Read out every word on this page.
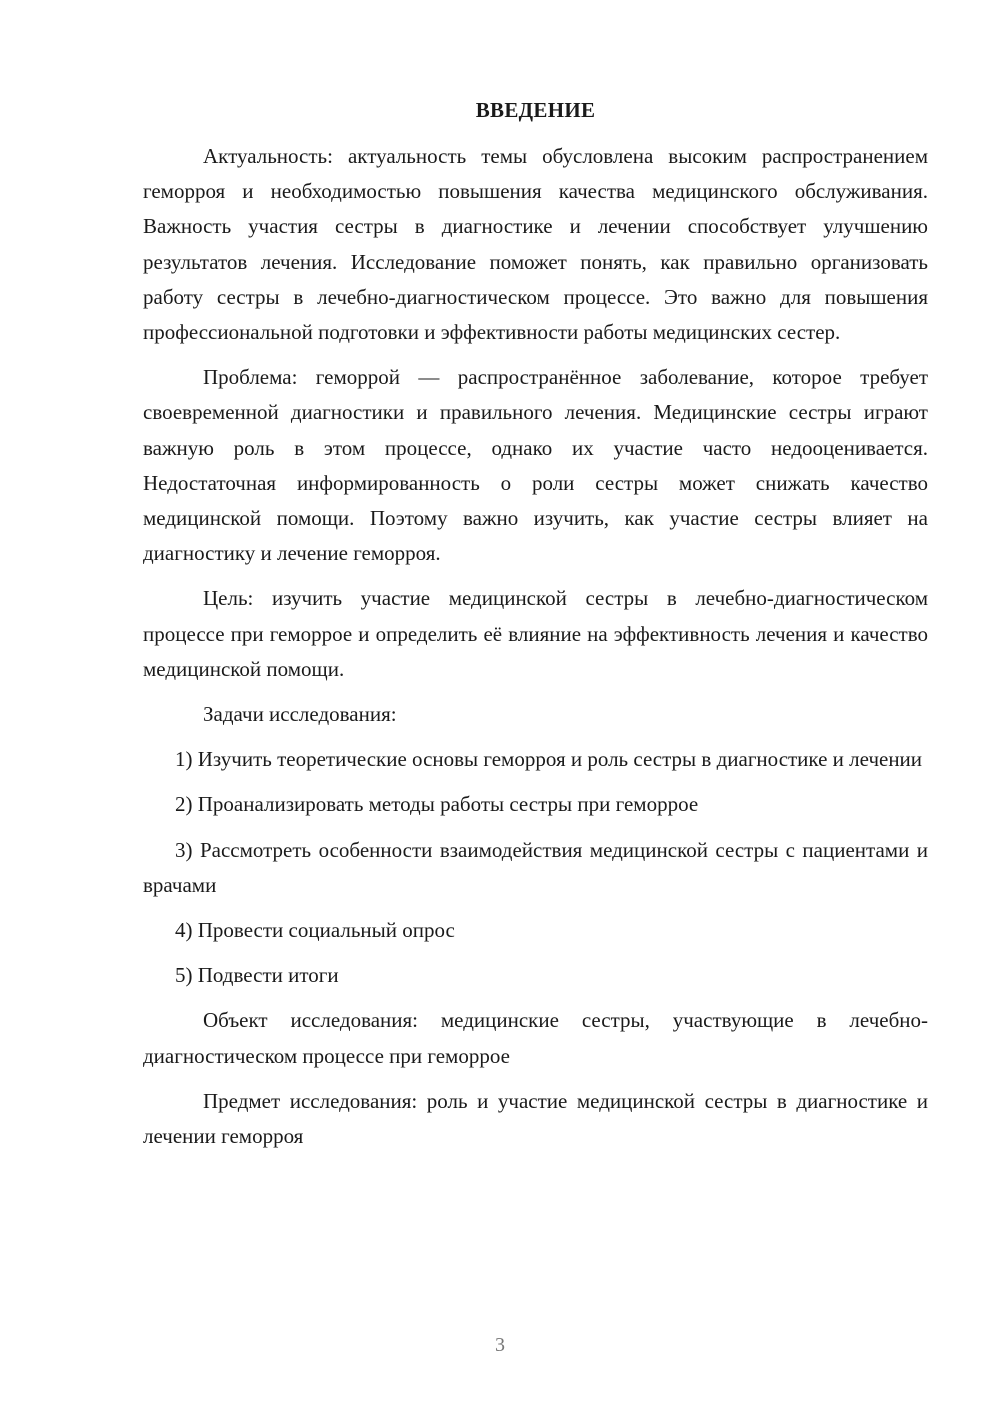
ВВЕДЕНИЕ

Актуальность: актуальность темы обусловлена высоким распространением геморроя и необходимостью повышения качества медицинского обслуживания. Важность участия сестры в диагностике и лечении способствует улучшению результатов лечения. Исследование поможет понять, как правильно организовать работу сестры в лечебно-диагностическом процессе. Это важно для повышения профессиональной подготовки и эффективности работы медицинских сестер.

Проблема: геморрой — распространённое заболевание, которое требует своевременной диагностики и правильного лечения. Медицинские сестры играют важную роль в этом процессе, однако их участие часто недооценивается. Недостаточная информированность о роли сестры может снижать качество медицинской помощи. Поэтому важно изучить, как участие сестры влияет на диагностику и лечение геморроя.

Цель: изучить участие медицинской сестры в лечебно-диагностическом процессе при геморрое и определить её влияние на эффективность лечения и качество медицинской помощи.

Задачи исследования:

1) Изучить теоретические основы геморроя и роль сестры в диагностике и лечении

2) Проанализировать методы работы сестры при геморрое

3) Рассмотреть особенности взаимодействия медицинской сестры с пациентами и врачами

4) Провести социальный опрос

5) Подвести итоги

Объект исследования: медицинские сестры, участвующие в лечебно-диагностическом процессе при геморрое

Предмет исследования: роль и участие медицинской сестры в диагностике и лечении геморроя

3
